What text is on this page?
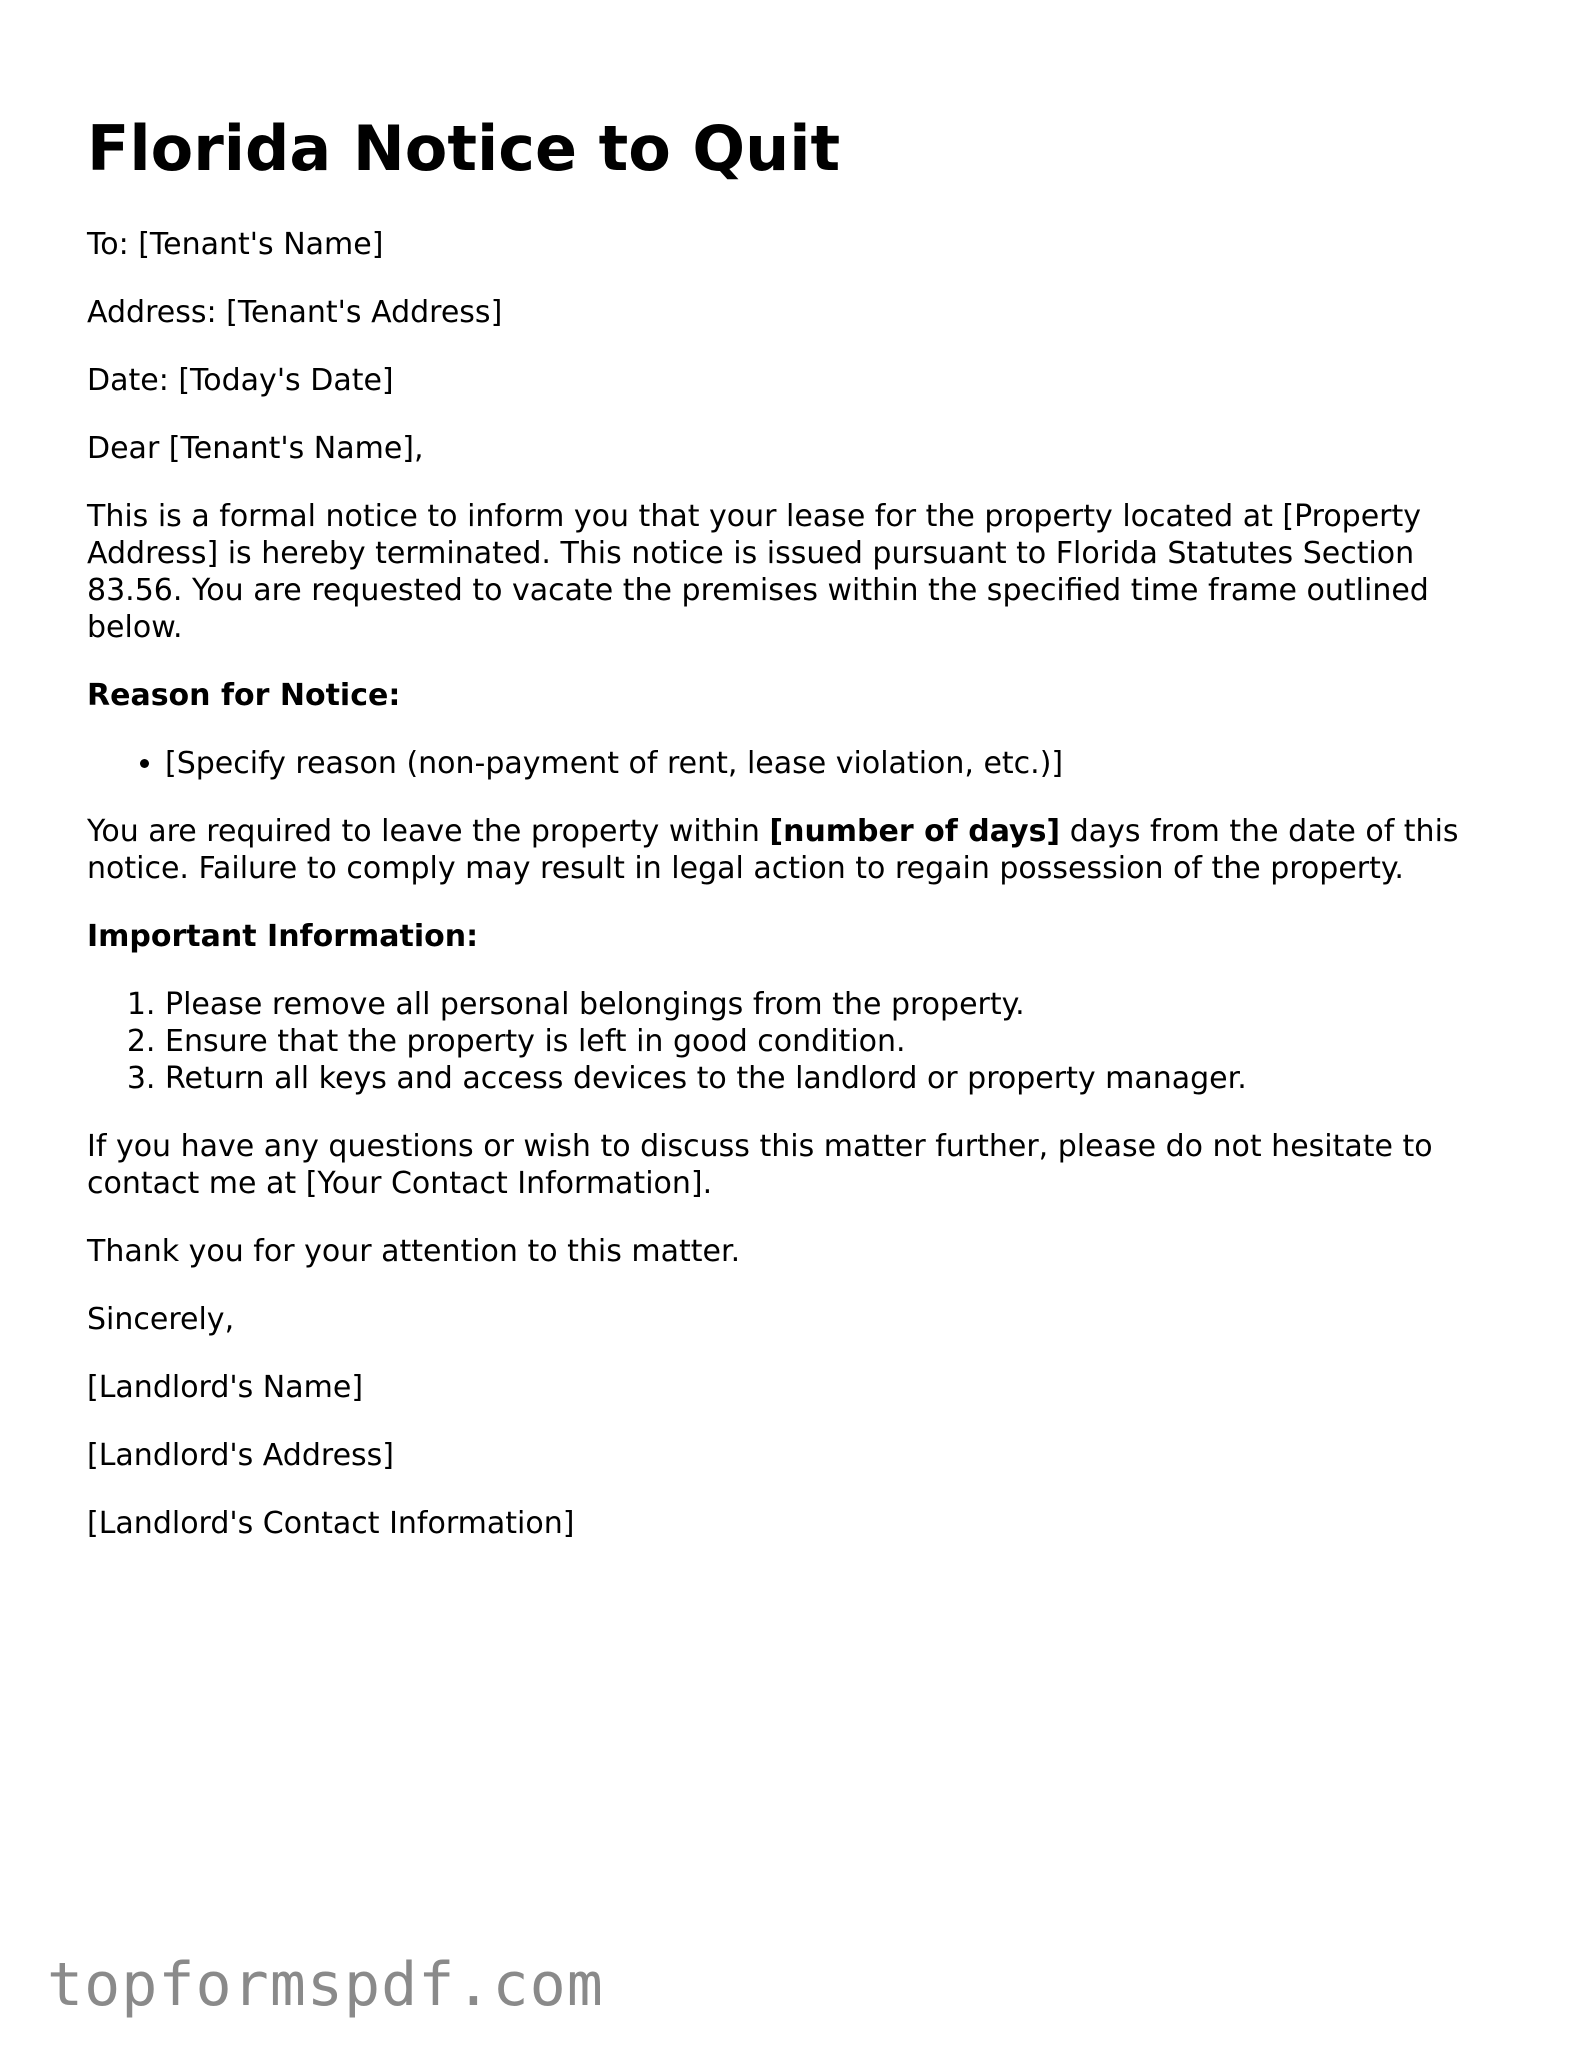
Florida Notice to Quit

To: [Tenant's Name]

Address: [Tenant's Address]

Date: [Today's Date]

Dear [Tenant's Name],

This is a formal notice to inform you that your lease for the property located at [Property Address] is hereby terminated. This notice is issued pursuant to Florida Statutes Section 83.56. You are requested to vacate the premises within the specified time frame outlined below.

Reason for Notice:

• [Specify reason (non-payment of rent, lease violation, etc.)]

You are required to leave the property within [number of days] days from the date of this notice. Failure to comply may result in legal action to regain possession of the property.

Important Information:

1. Please remove all personal belongings from the property.
2. Ensure that the property is left in good condition.
3. Return all keys and access devices to the landlord or property manager.

If you have any questions or wish to discuss this matter further, please do not hesitate to contact me at [Your Contact Information].

Thank you for your attention to this matter.

Sincerely,

[Landlord's Name]

[Landlord's Address]

[Landlord's Contact Information]

topformspdf.com
